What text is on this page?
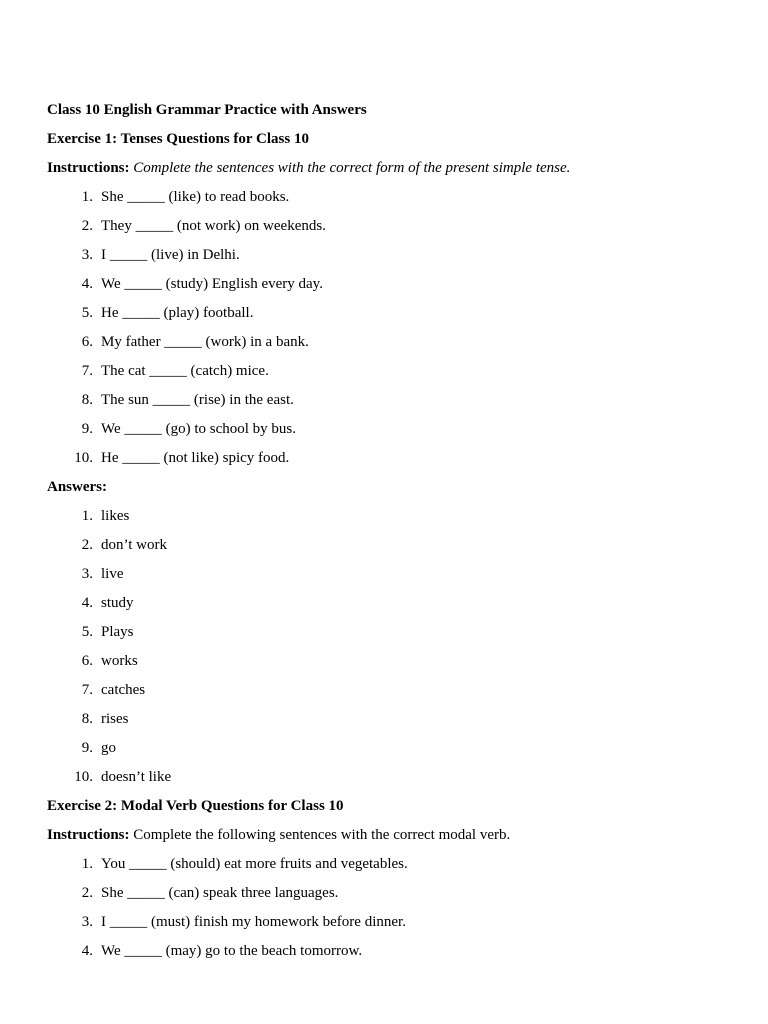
Class 10 English Grammar Practice with Answers
Exercise 1: Tenses Questions for Class 10
Instructions: Complete the sentences with the correct form of the present simple tense.
1 . She _____ (like) to read books.
2 . They _____ (not work) on weekends.
3 . I _____ (live) in Delhi.
4 . We _____ (study) English every day.
5 . He _____ (play) football.
6 . My father _____ (work) in a bank.
7 . The cat _____ (catch) mice.
8 . The sun _____ (rise) in the east.
9 . We _____ (go) to school by bus.
10 . He _____ (not like) spicy food.
Answers:
1 . likes
2 . don’t work
3 . live
4 . study
5 . Plays
6 . works
7 . catches
8 . rises
9 . go
10 . doesn’t like
Exercise 2: Modal Verb Questions for Class 10
Instructions: Complete the following sentences with the correct modal verb.
1 . You _____ (should) eat more fruits and vegetables.
2 . She _____ (can) speak three languages.
3 . I _____ (must) finish my homework before dinner.
4 . We _____ (may) go to the beach tomorrow.
